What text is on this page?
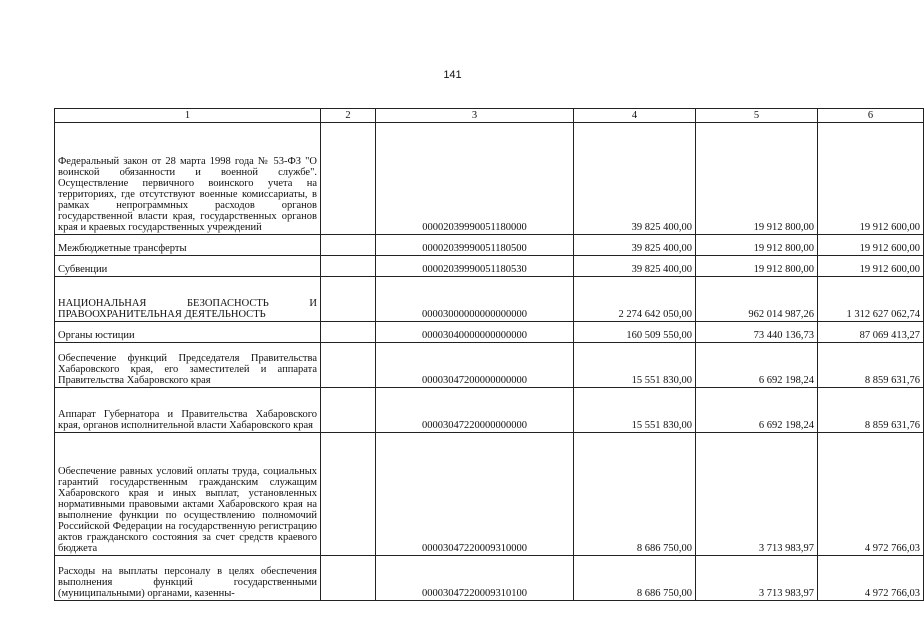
141
1	2	3	4	5	6
Федеральный закон от 28 марта 1998 года № 53-ФЗ "О воинской обязанности и военной службе". Осуществление первичного воинского учета на территориях, где отсутствуют военные комиссариаты, в рамках непрограммных расходов органов государственной власти края, государственных органов края и краевых государственных учреждений		00002039990051180000	39 825 400,00	19 912 800,00	19 912 600,00
Межбюджетные трансферты		00002039990051180500	39 825 400,00	19 912 800,00	19 912 600,00
Субвенции		00002039990051180530	39 825 400,00	19 912 800,00	19 912 600,00
НАЦИОНАЛЬНАЯ БЕЗОПАСНОСТЬ И ПРАВООХРАНИТЕЛЬНАЯ ДЕЯТЕЛЬНОСТЬ		00003000000000000000	2 274 642 050,00	962 014 987,26	1 312 627 062,74
Органы юстиции		00003040000000000000	160 509 550,00	73 440 136,73	87 069 413,27
Обеспечение функций Председателя Правительства Хабаровского края, его заместителей и аппарата Правительства Хабаровского края		00003047200000000000	15 551 830,00	6 692 198,24	8 859 631,76
Аппарат Губернатора и Правительства Хабаровского края, органов исполнительной власти Хабаровского края		00003047220000000000	15 551 830,00	6 692 198,24	8 859 631,76
Обеспечение равных условий оплаты труда, социальных гарантий государственным гражданским служащим Хабаровского края и иных выплат, установленных нормативными правовыми актами Хабаровского края на выполнение функции по осуществлению полномочий Российской Федерации на государственную регистрацию актов гражданского состояния за счет средств краевого бюджета		00003047220009310000	8 686 750,00	3 713 983,97	4 972 766,03
Расходы на выплаты персоналу в целях обеспечения выполнения функций государственными (муниципальными) органами, казенны-		00003047220009310100	8 686 750,00	3 713 983,97	4 972 766,03
